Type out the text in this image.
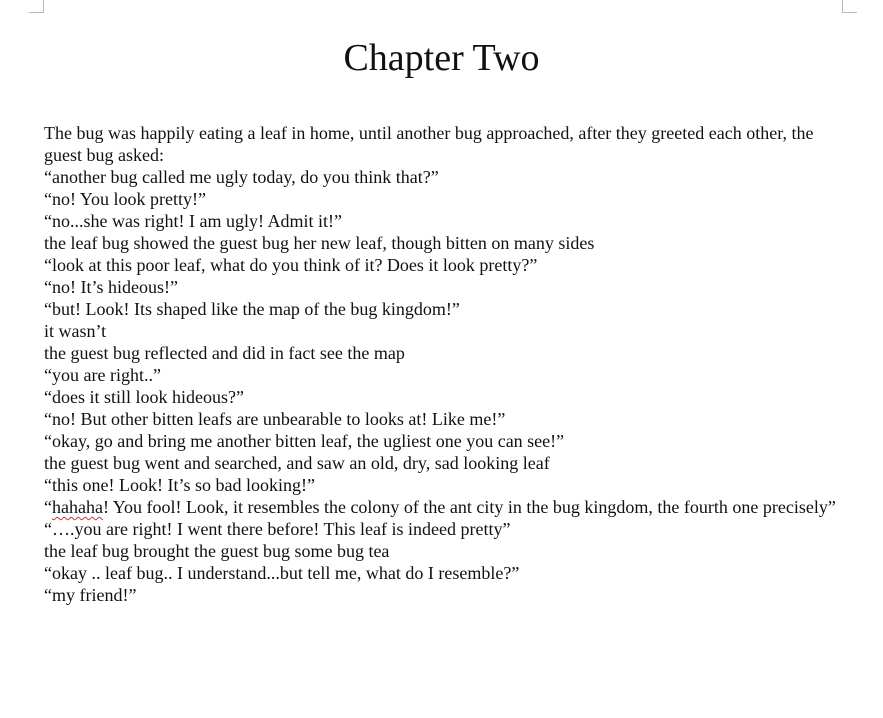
Chapter Two

The bug was happily eating a leaf in home, until another bug approached, after they greeted each other, the guest bug asked:

“another bug called me ugly today, do you think that?”

“no! You look pretty!”

“no...she was right! I am ugly! Admit it!”

the leaf bug showed the guest bug her new leaf, though bitten on many sides

“look at this poor leaf, what do you think of it? Does it look pretty?”

“no! It’s hideous!”

“but! Look! Its shaped like the map of the bug kingdom!”

it wasn’t

the guest bug reflected and did in fact see the map

“you are right..”

“does it still look hideous?”

“no! But other bitten leafs are unbearable to looks at! Like me!”

“okay, go and bring me another bitten leaf, the ugliest one you can see!”

the guest bug went and searched, and saw an old, dry, sad looking leaf

“this one! Look! It’s so bad looking!”

“hahaha! You fool! Look, it resembles the colony of the ant city in the bug kingdom, the fourth one precisely”

“….you are right! I went there before! This leaf is indeed pretty”

the leaf bug brought the guest bug some bug tea

“okay .. leaf bug.. I understand...but tell me, what do I resemble?”

“my friend!”
